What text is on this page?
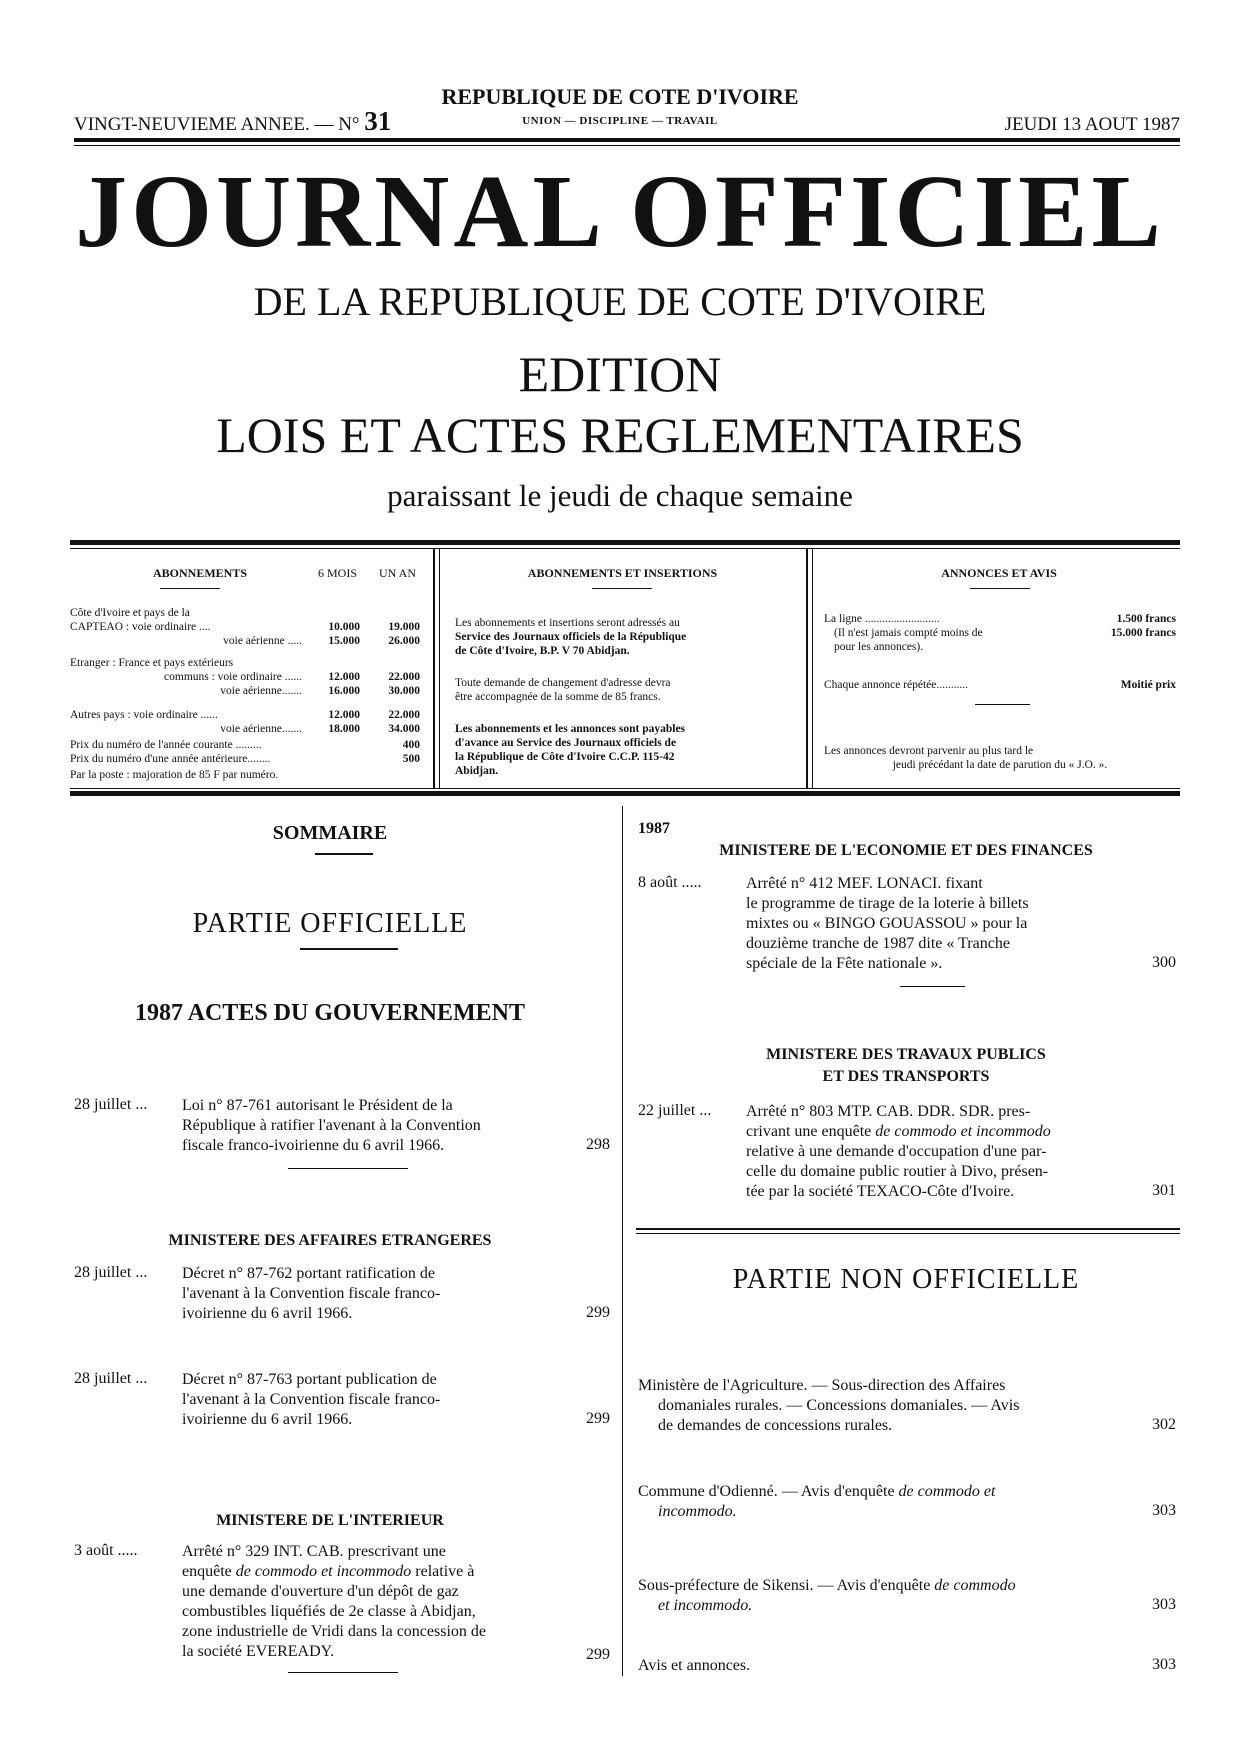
VINGT-NEUVIEME ANNEE. — N° 31
REPUBLIQUE DE COTE D'IVOIRE
UNION — DISCIPLINE — TRAVAIL	JEUDI 13 AOUT 1987
JOURNAL OFFICIEL
DE LA REPUBLIQUE DE COTE D'IVOIRE
EDITION
LOIS ET ACTES REGLEMENTAIRES
paraissant le jeudi de chaque semaine
ABONNEMENTS	6 MOIS	UN AN
Côte d'Ivoire et pays de la
CAPTEAO : voie ordinaire ....	10.000	19.000
voie aérienne .....	15.000	26.000
Etranger : France et pays extérieurs
communs : voie ordinaire ......	12.000	22.000
voie aérienne.......	16.000	30.000
Autres pays : voie ordinaire ......	12.000	22.000
voie aérienne.......	18.000	34.000
Prix du numéro de l'année courante .........	400
Prix du numéro d'une année antérieure........	500
Par la poste : majoration de 85 F par numéro.
ABONNEMENTS ET INSERTIONS
Les abonnements et insertions seront adressés au
Service des Journaux officiels de la République
de Côte d'Ivoire, B.P. V 70 Abidjan.
Toute demande de changement d'adresse devra
être accompagnée de la somme de 85 francs.
Les abonnements et les annonces sont payables
d'avance au Service des Journaux officiels de
la République de Côte d'Ivoire C.C.P. 115-42
Abidjan.
ANNONCES ET AVIS
La ligne ..........................	1.500 francs
(Il n'est jamais compté moins de	15.000 francs
pour les annonces).
Chaque annonce répétée...........	Moitié prix
Les annonces devront parvenir au plus tard le
jeudi précédant la date de parution du « J.O. ».
SOMMAIRE
PARTIE OFFICIELLE
1987 ACTES DU GOUVERNEMENT
28 juillet ... Loi n° 87-761 autorisant le Président de la
République à ratifier l'avenant à la Convention
fiscale franco-ivoirienne du 6 avril 1966.	298
MINISTERE DES AFFAIRES ETRANGERES
28 juillet ... Décret n° 87-762 portant ratification de
l'avenant à la Convention fiscale franco-
ivoirienne du 6 avril 1966.	299
28 juillet ... Décret n° 87-763 portant publication de
l'avenant à la Convention fiscale franco-
ivoirienne du 6 avril 1966.	299
MINISTERE DE L'INTERIEUR
3 août .....	Arrêté n° 329 INT. CAB. prescrivant une
enquête de commodo et incommodo relative à
une demande d'ouverture d'un dépôt de gaz
combustibles liquéfiés de 2e classe à Abidjan,
zone industrielle de Vridi dans la concession de
la société EVEREADY.	299
1987
MINISTERE DE L'ECONOMIE ET DES FINANCES
8 août .....	Arrêté n° 412 MEF. LONACI. fixant
le programme de tirage de la loterie à billets
mixtes ou « BINGO GOUASSOU » pour la
douzième tranche de 1987 dite « Tranche
spéciale de la Fête nationale ».	300
MINISTERE DES TRAVAUX PUBLICS
ET DES TRANSPORTS
22 juillet ... Arrêté n° 803 MTP. CAB. DDR. SDR. pres-
crivant une enquête de commodo et incommodo
relative à une demande d'occupation d'une par-
celle du domaine public routier à Divo, présen-
tée par la société TEXACO-Côte d'Ivoire.	301
PARTIE NON OFFICIELLE
Ministère de l'Agriculture. — Sous-direction des Affaires
domaniales rurales. — Concessions domaniales. — Avis
de demandes de concessions rurales.	302
Commune d'Odienné. — Avis d'enquête de commodo et
incommodo.	303
Sous-préfecture de Sikensi. — Avis d'enquête de commodo
et incommodo.	303
Avis et annonces.	303
